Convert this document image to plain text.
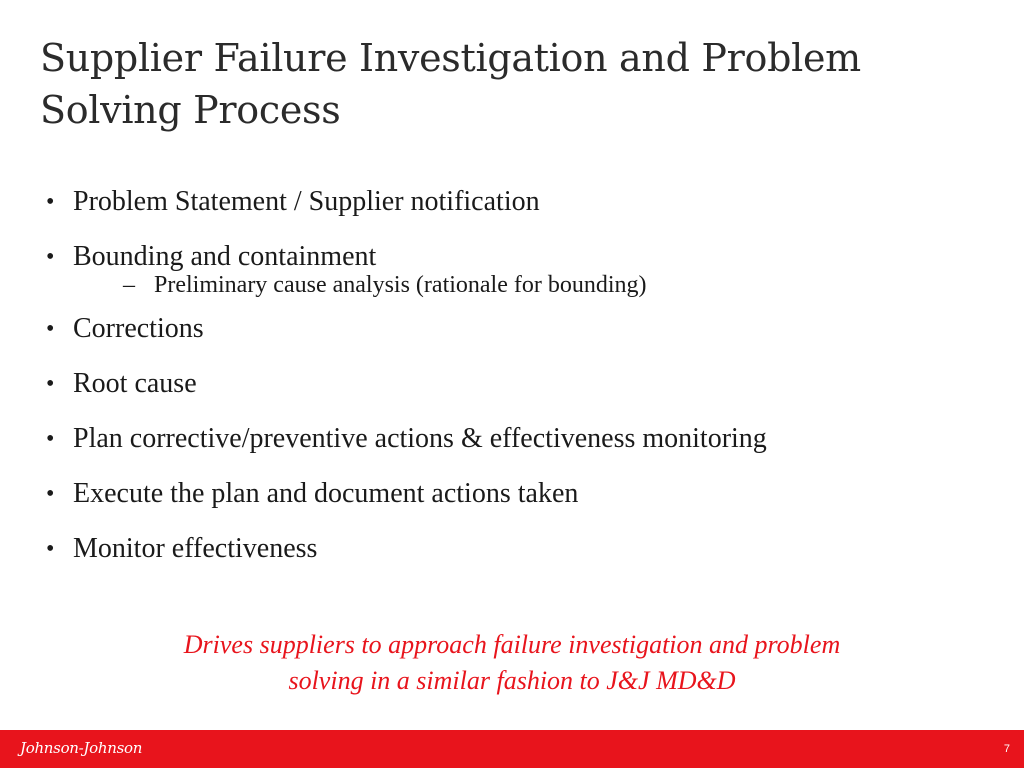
Supplier Failure Investigation and Problem Solving Process
• Problem Statement / Supplier notification
• Bounding and containment
– Preliminary cause analysis (rationale for bounding)
• Corrections
• Root cause
• Plan corrective/preventive actions & effectiveness monitoring
• Execute the plan and document actions taken
• Monitor effectiveness
Drives suppliers to approach failure investigation and problem
solving in a similar fashion to J&J MD&D
Johnson-Johnson	7
